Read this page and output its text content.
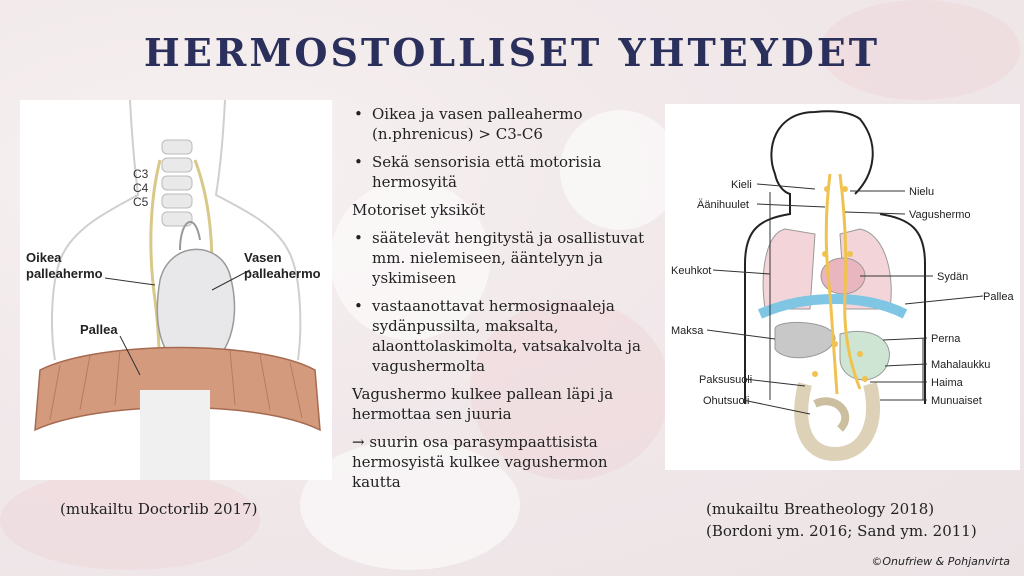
HERMOSTOLLISET YHTEYDET
C3
C4
C5
Oikea
palleahermo
Vasen
palleahermo
Pallea
(mukailtu Doctorlib 2017)
• Oikea ja vasen palleahermo (n.phrenicus) > C3-C6
• Sekä sensorisia että motorisia hermosyitä
Motoriset yksiköt
• säätelevät hengitystä ja osallistuvat mm. nielemiseen, ääntelyyn ja yskimiseen
• vastaanottavat hermosignaaleja sydänpussilta, maksalta, alaonttolaskimolta, vatsakalvolta ja vagushermolta
Vagushermo kulkee pallean läpi ja hermottaa sen juuria
→ suurin osa parasympaattisista hermosyistä kulkee vagushermon kautta
Kieli
Äänihuulet
Keuhkot
Maksa
Paksusuoli
Ohutsuoli
Nielu
Vagushermo
Sydän
Pallea
Perna
Mahalaukku
Haima
Munuaiset
(mukailtu Breatheology 2018)
(Bordoni ym. 2016; Sand ym. 2011)
©Onufriew & Pohjanvirta
